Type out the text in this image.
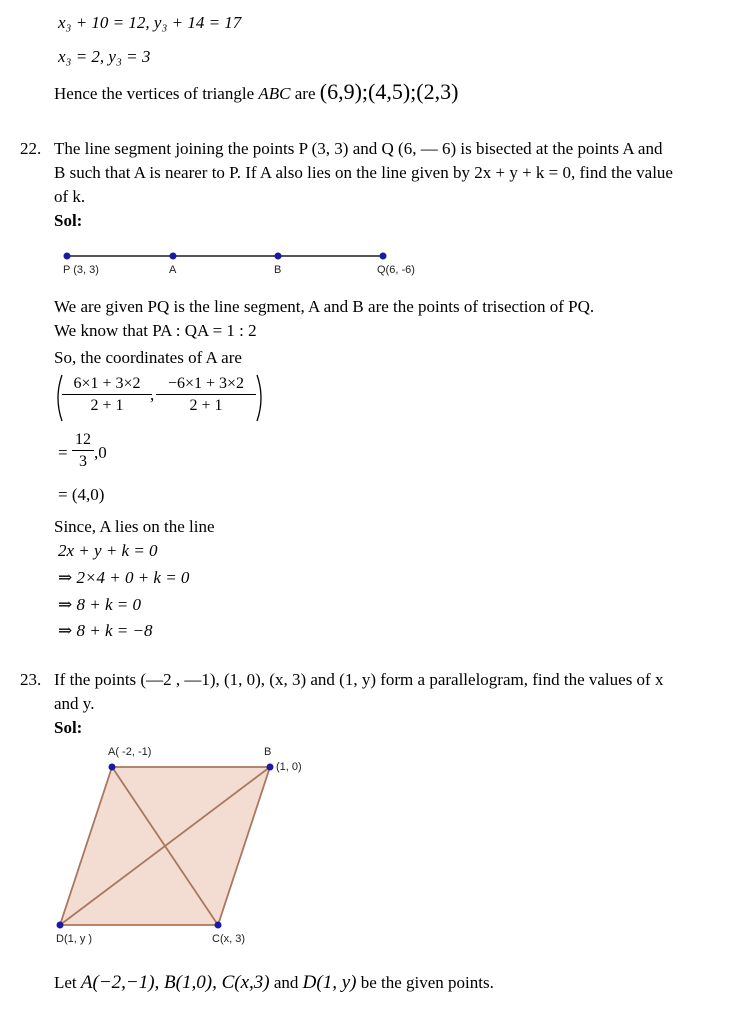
x₃ + 10 = 12, y₃ + 14 = 17
x₃ = 2, y₃ = 3
Hence the vertices of triangle ABC are (6,9);(4,5);(2,3)
22. The line segment joining the points P (3, 3) and Q (6, — 6) is bisected at the points A and
B such that A is nearer to P. If A also lies on the line given by 2x + y + k = 0, find the value
of k.
Sol:
P (3, 3)	A	B	Q(6, -6)
We are given PQ is the line segment, A and B are the points of trisection of PQ.
We know that PA : QA = 1 : 2
So, the coordinates of A are
$\frac{6\times 1 + 3\times 2}{2 + 1}$
, $\frac{-6\times 1 + 3\times 2}{2 + 1}$
= $\frac{12}{3} ,0$
= (4,0)
Since, A lies on the line
2x + y + k = 0
⇒ 2×4 + 0 + k = 0
⇒ 8 + k = 0
⇒ 8 + k = −8
23. If the points (—2 , —1), (1, 0), (x, 3) and (1, y) form a parallelogram, find the values of x
and y.
Sol:
A( -2, -1)	B
(1, 0)
D(1, y )	C(x, 3)
Let A(−2,−1), B(1,0), C(x,3) and D(1, y) be the given points.
